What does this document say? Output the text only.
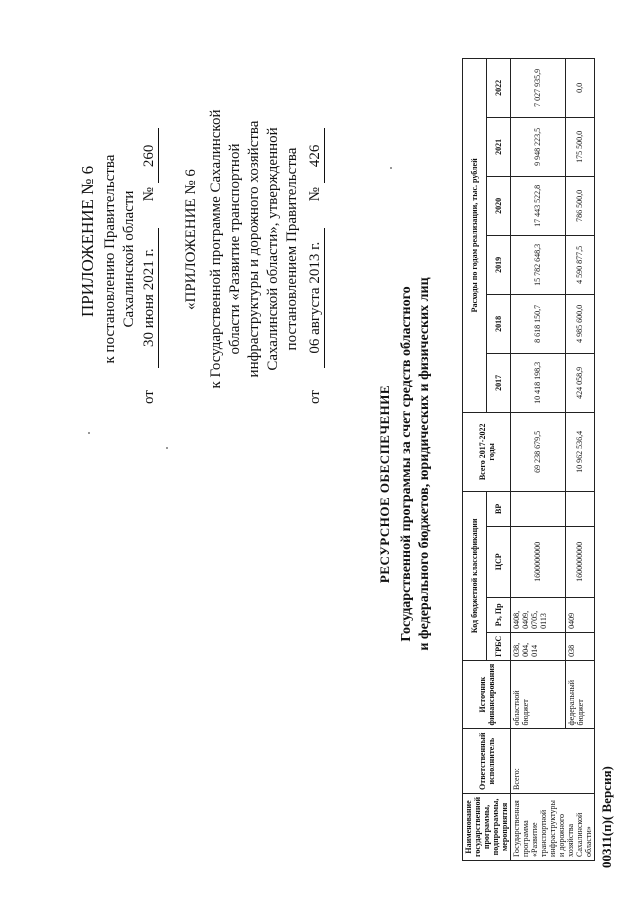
ПРИЛОЖЕНИЕ № 6 к постановлению Правительства Сахалинской области
от      30 июня 2021 г.       № 260
«ПРИЛОЖЕНИЕ № 6 к Государственной программе Сахалинской области «Развитие транспортной инфраструктуры и дорожного хозяйства Сахалинской области», утвержденной постановлением Правительства
от      06 августа 2013 г.       № 426
РЕСУРСНОЕ ОБЕСПЕЧЕНИЕ Государственной программы за счет средств областного и федерального бюджетов, юридических и физических лиц
Наименование государственной программы, подпрограммы, мероприятия	Ответственный исполнитель	Источник финансирования	Код бюджетной классификации				Всего 2017-2022 годы	Расходы по годам реализации, тыс. рублей					
			ГРБС	Рз, Пр	ЦСР	ВР		2017	2018	2019	2020	2021	2022
Государственная программа «Развитие транспортной инфраструктуры и дорожного хозяйства Сахалинской области»	Всего:	областной бюджет	038, 004, 014	0408, 0409, 0705, 0113	1600000000		69 238 679,5	10 418 198,3	8 618 150,7	15 782 648,3	17 443 522,8	9 948 223,5	7 027 935,9
		федеральный бюджет	038	0409	1600000000		10 962 536,4	424 058,9	4 985 600,0	4 590 877,5	786 500,0	175 500,0	0,0
00311(п)( Версия)
